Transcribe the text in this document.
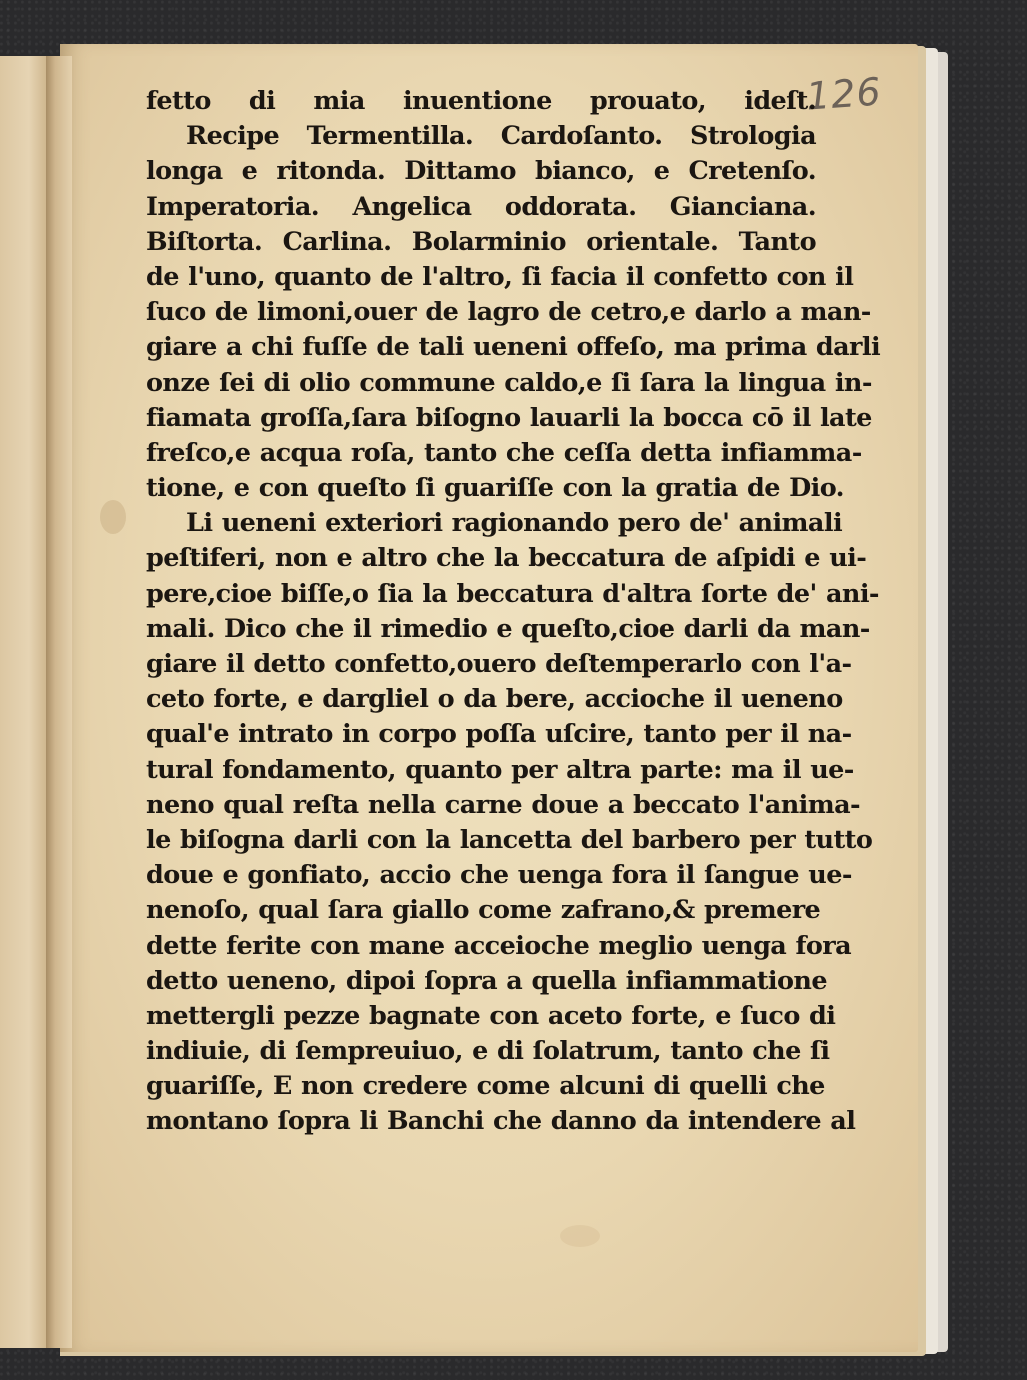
126
fetto di mia inuentione prouato, ideſt.
Recipe Termentilla. Cardoſanto. Strologia
longa e ritonda. Dittamo bianco, e Cretenſo.
Imperatoria. Angelica oddorata. Gianciana.
Biſtorta. Carlina. Bolarminio orientale. Tanto
de l'uno, quanto de l'altro, ſi facia il confetto con il
ſuco de limoni,ouer de lagro de cetro,e darlo a man-
giare a chi fuſſe de tali ueneni offeſo, ma prima darli
onze ſei di olio commune caldo,e ſi ſara la lingua in-
fiamata groſſa,ſara biſogno lauarli la bocca cō il late
freſco,e acqua roſa, tanto che ceſſa detta infiamma-
tione, e con queſto ſi guariſſe con la gratia de Dio.
Li ueneni exteriori ragionando pero de' animali
peſtiferi, non e altro che la beccatura de aſpidi e ui-
pere,cioe biſſe,o ſia la beccatura d'altra ſorte de' ani-
mali. Dico che il rimedio e queſto,cioe darli da man-
giare il detto confetto,ouero deſtemperarlo con l'a-
ceto forte, e dargliel o da bere, accioche il ueneno
qual'e intrato in corpo poſſa uſcire, tanto per il na-
tural fondamento, quanto per altra parte: ma il ue-
neno qual reſta nella carne doue a beccato l'anima-
le biſogna darli con la lancetta del barbero per tutto
doue e gonfiato, accio che uenga fora il ſangue ue-
nenoſo, qual ſara giallo come zafrano,& premere
dette ferite con mane acceioche meglio uenga fora
detto ueneno, dipoi ſopra a quella infiammatione
mettergli pezze bagnate con aceto forte, e ſuco di
indiuie, di ſempreuiuo, e di ſolatrum, tanto che ſi
guariſſe, E non credere come alcuni di quelli che
montano ſopra li Banchi che danno da intendere al
